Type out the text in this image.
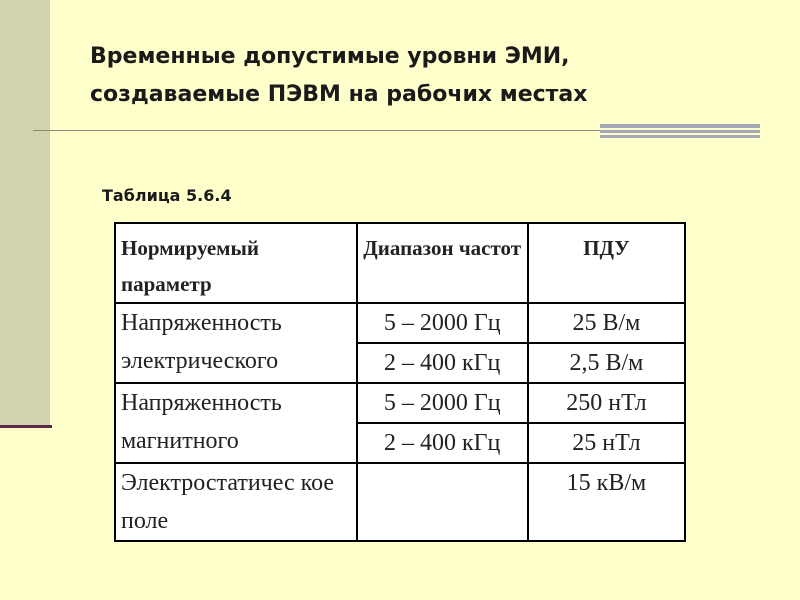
Временные допустимые уровни ЭМИ,
создаваемые ПЭВМ на рабочих местах
Таблица 5.6.4
Нормируемый параметр	Диапазон частот	ПДУ
Напряженность электрического	5 – 2000 Гц	25 В/м
	2 – 400 кГц	2,5 В/м
Напряженность магнитного	5 – 2000 Гц	250 нТл
	2 – 400 кГц	25 нТл
Электростатичес кое поле		15 кВ/м
